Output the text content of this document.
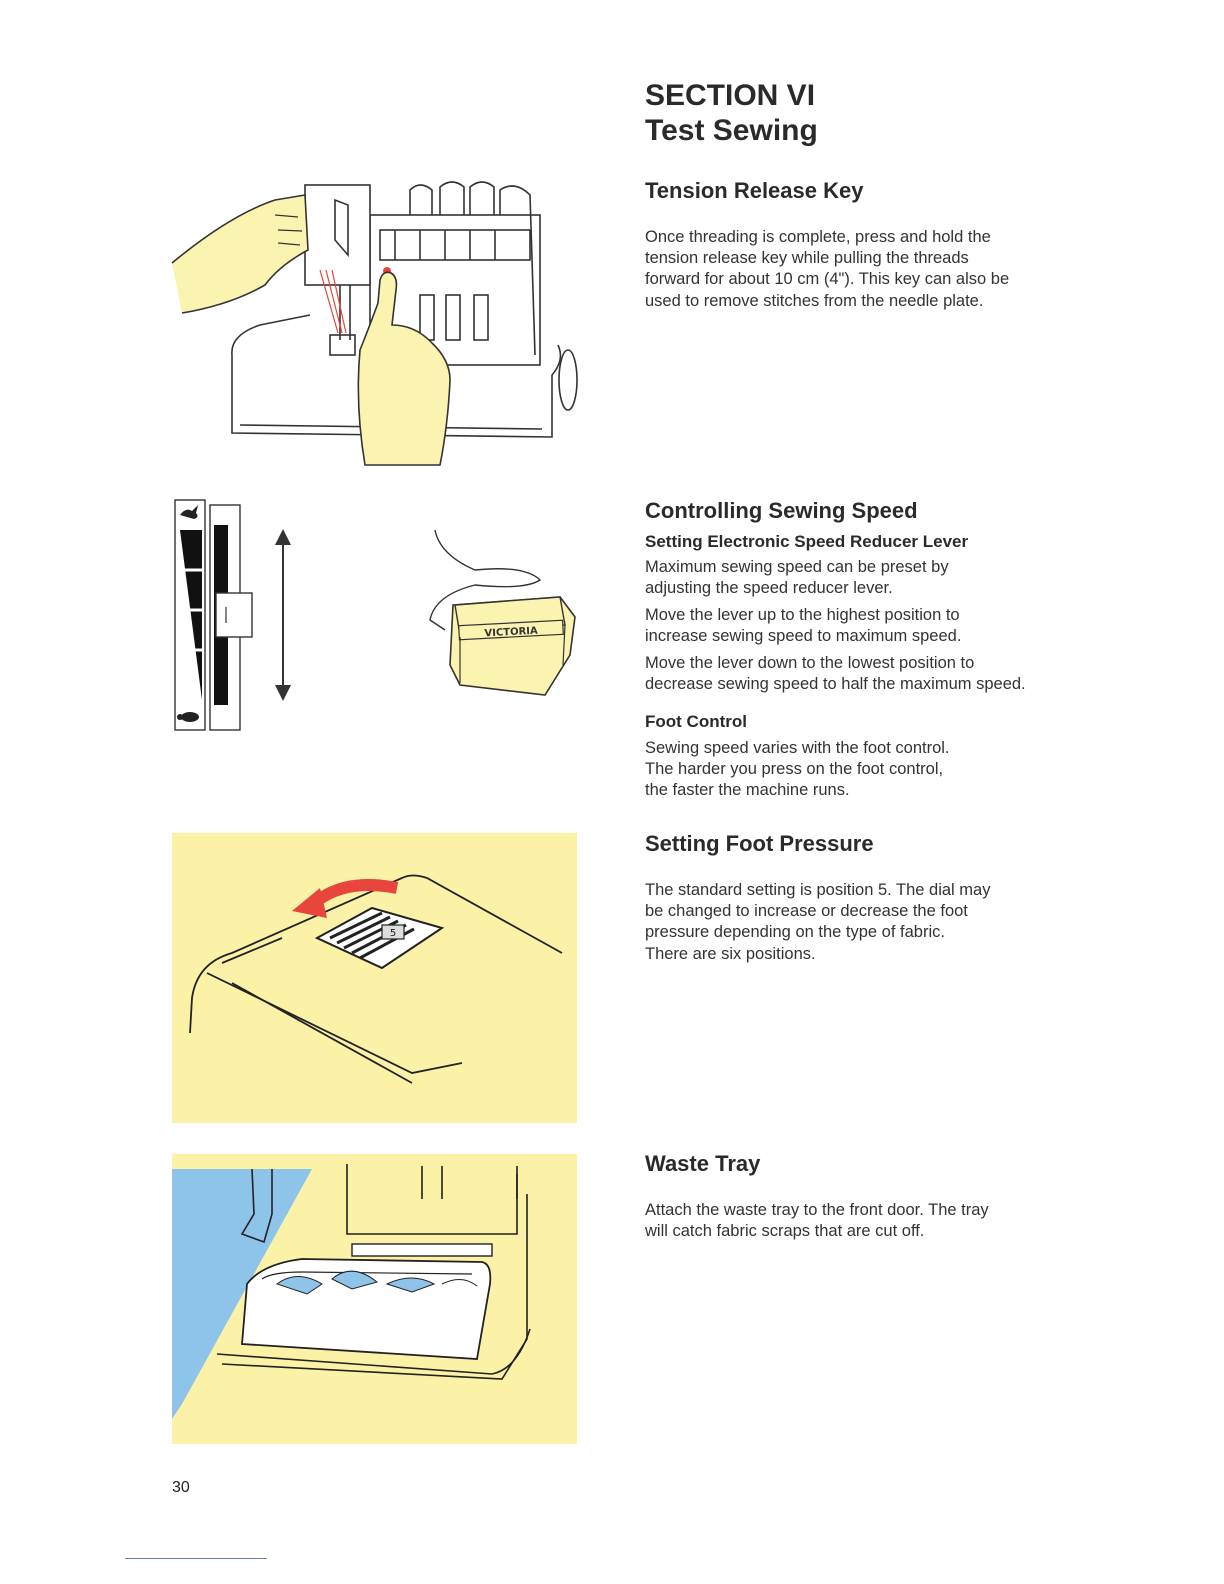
SECTION VI
Test Sewing
Tension Release Key

Once threading is complete, press and hold the
tension release key while pulling the threads
forward for about 10 cm (4"). This key can also be
used to remove stitches from the needle plate.

Controlling Sewing Speed
Setting Electronic Speed Reducer Lever

Maximum sewing speed can be preset by
adjusting the speed reducer lever.

Move the lever up to the highest position to
increase sewing speed to maximum speed.

Move the lever down to the lowest position to
decrease sewing speed to half the maximum speed.

Foot Control

Sewing speed varies with the foot control.
The harder you press on the foot control,
the faster the machine runs.

Setting Foot Pressure

The standard setting is position 5. The dial may
be changed to increase or decrease the foot
pressure depending on the type of fabric.
There are six positions.

Waste Tray

Attach the waste tray to the front door. The tray
will catch fabric scraps that are cut off.

VICTORIA
5
30
